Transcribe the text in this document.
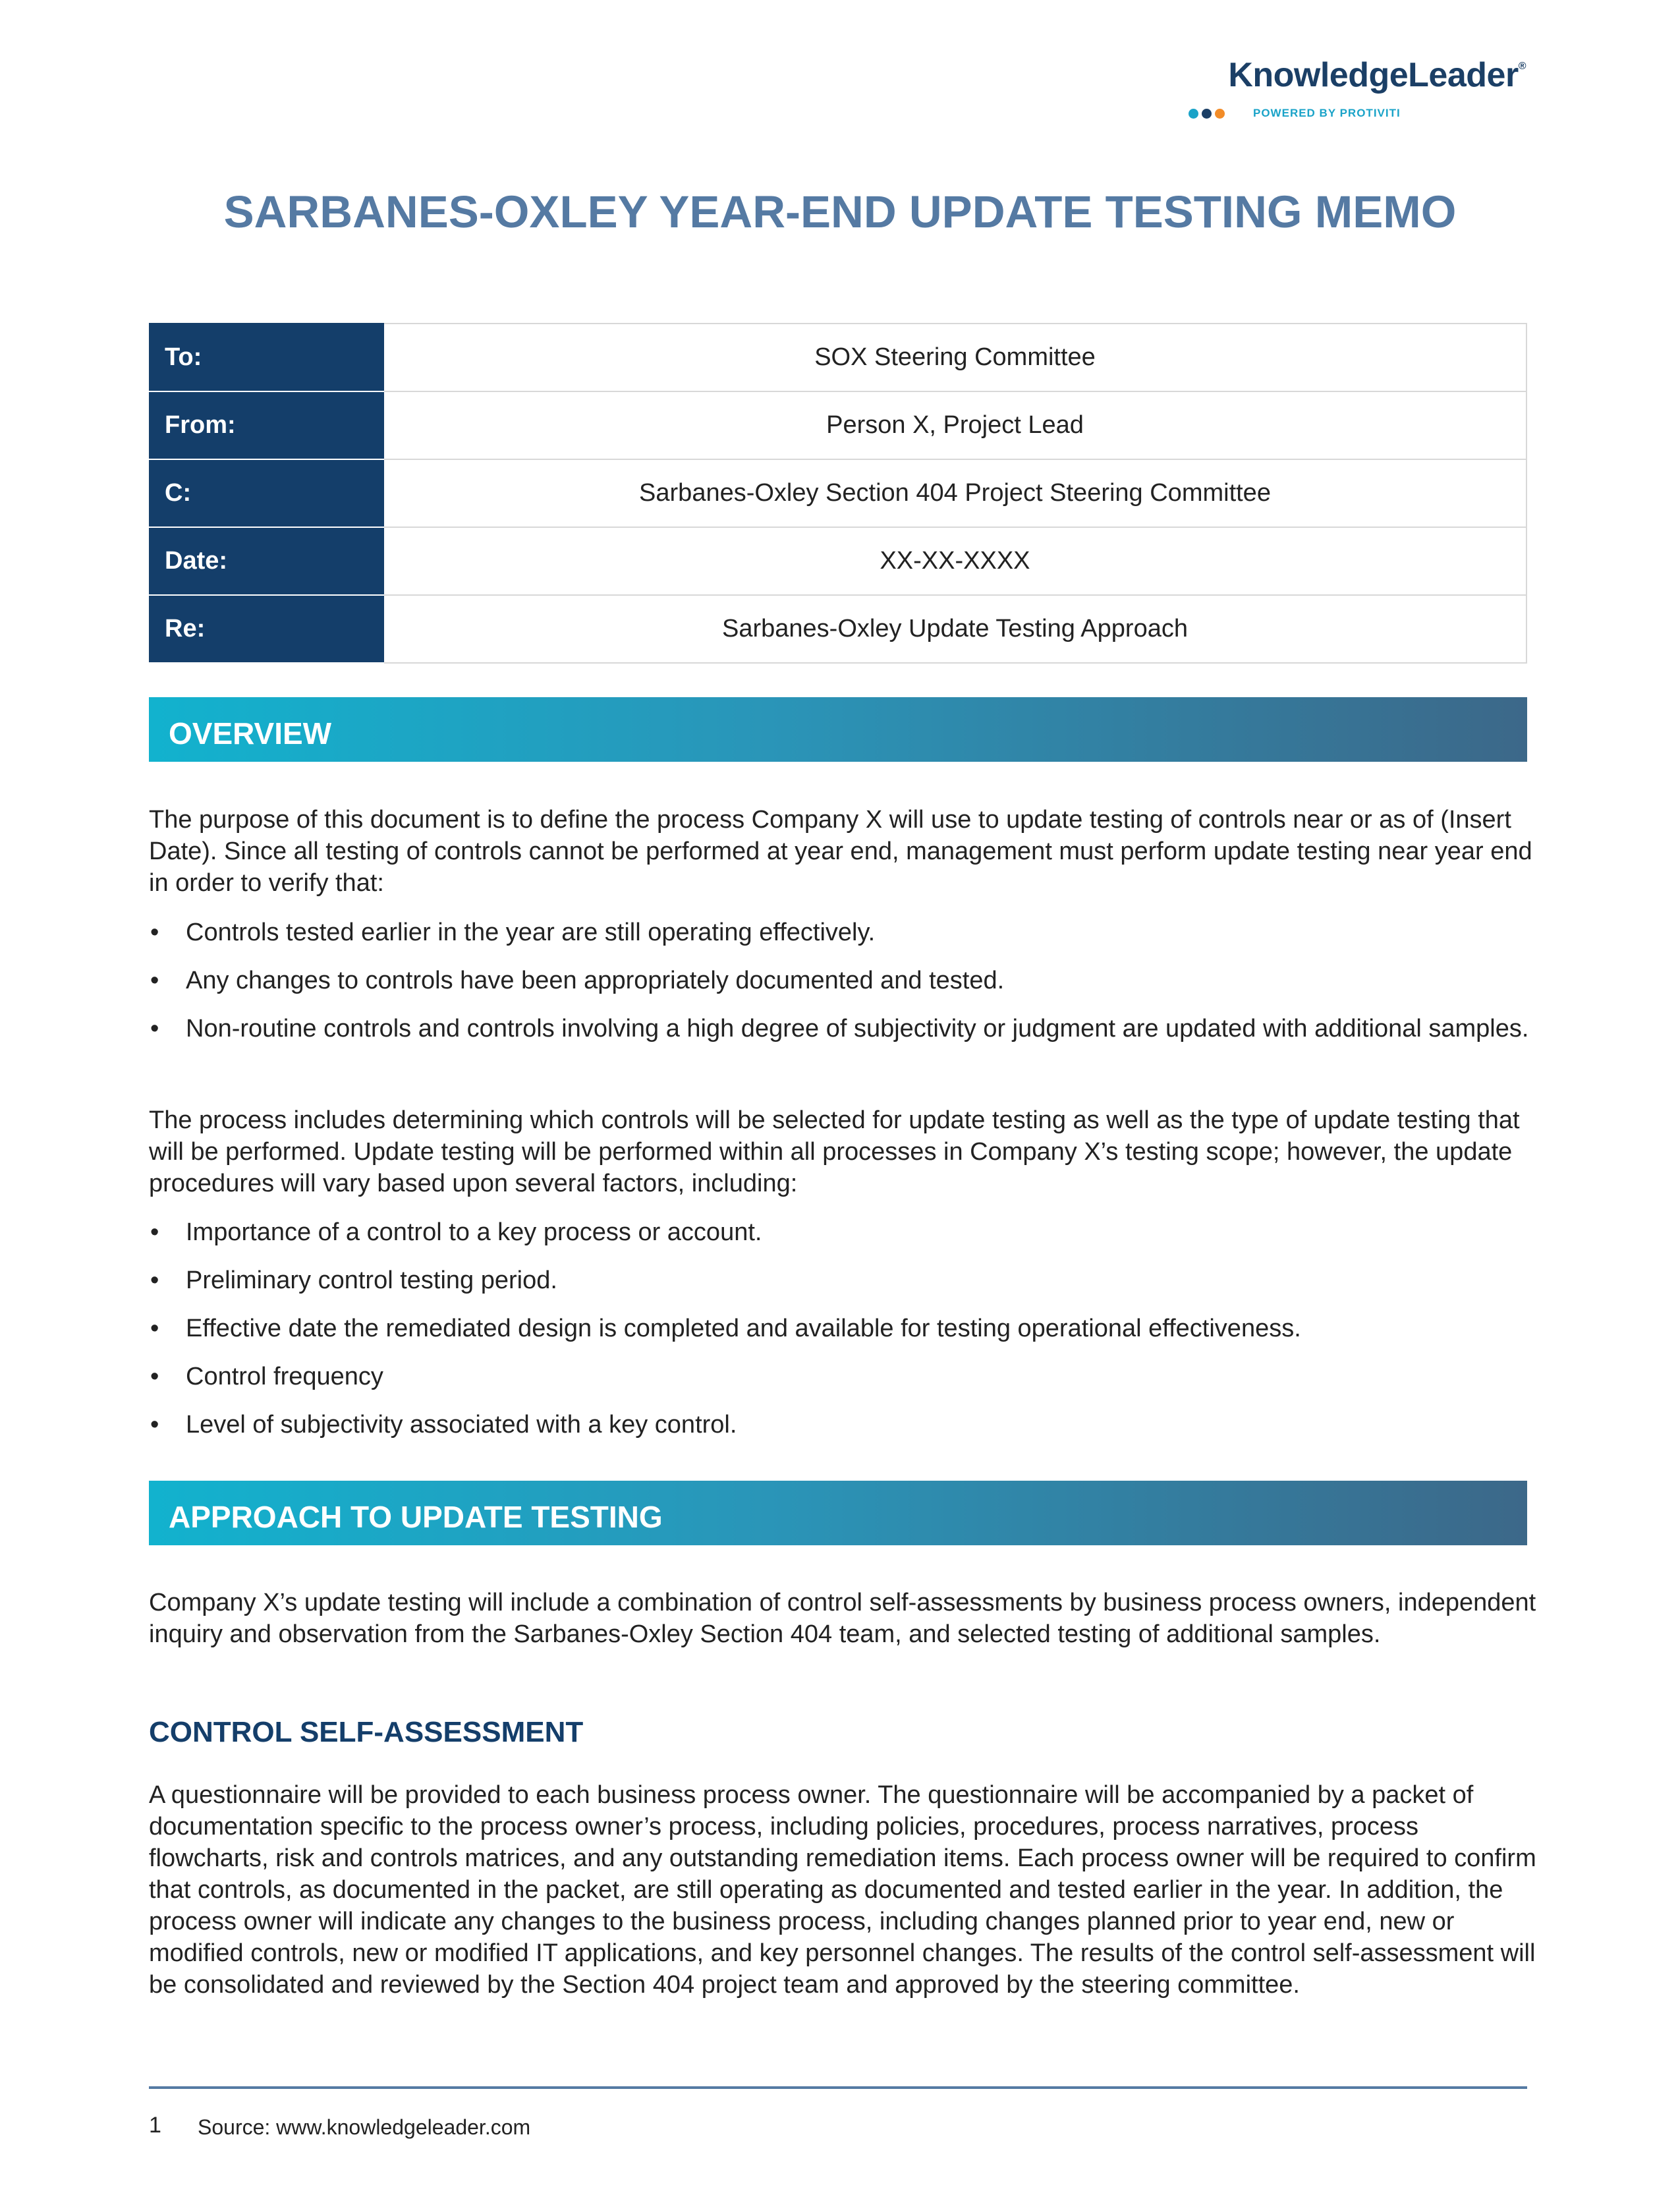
KnowledgeLeader®
POWERED BY PROTIVITI
SARBANES-OXLEY YEAR-END UPDATE TESTING MEMO
To:	SOX Steering Committee
From:	Person X, Project Lead
C:	Sarbanes-Oxley Section 404 Project Steering Committee
Date:	XX-XX-XXXX
Re:	Sarbanes-Oxley Update Testing Approach
OVERVIEW

The purpose of this document is to define the process Company X will use to update testing of controls near or as of (Insert Date). Since all testing of controls cannot be performed at year end, management must perform update testing near year end in order to verify that:

• Controls tested earlier in the year are still operating effectively.
• Any changes to controls have been appropriately documented and tested.
• Non-routine controls and controls involving a high degree of subjectivity or judgment are updated with additional samples.

The process includes determining which controls will be selected for update testing as well as the type of update testing that will be performed. Update testing will be performed within all processes in Company X’s testing scope; however, the update procedures will vary based upon several factors, including:

• Importance of a control to a key process or account.
• Preliminary control testing period.
• Effective date the remediated design is completed and available for testing operational effectiveness.
• Control frequency
• Level of subjectivity associated with a key control.
APPROACH TO UPDATE TESTING

Company X’s update testing will include a combination of control self-assessments by business process owners, independent inquiry and observation from the Sarbanes-Oxley Section 404 team, and selected testing of additional samples.

CONTROL SELF-ASSESSMENT

A questionnaire will be provided to each business process owner. The questionnaire will be accompanied by a packet of documentation specific to the process owner’s process, including policies, procedures, process narratives, process flowcharts, risk and controls matrices, and any outstanding remediation items. Each process owner will be required to confirm that controls, as documented in the packet, are still operating as documented and tested earlier in the year. In addition, the process owner will indicate any changes to the business process, including changes planned prior to year end, new or modified controls, new or modified IT applications, and key personnel changes. The results of the control self-assessment will be consolidated and reviewed by the Section 404 project team and approved by the steering committee.

1 Source: www.knowledgeleader.com
